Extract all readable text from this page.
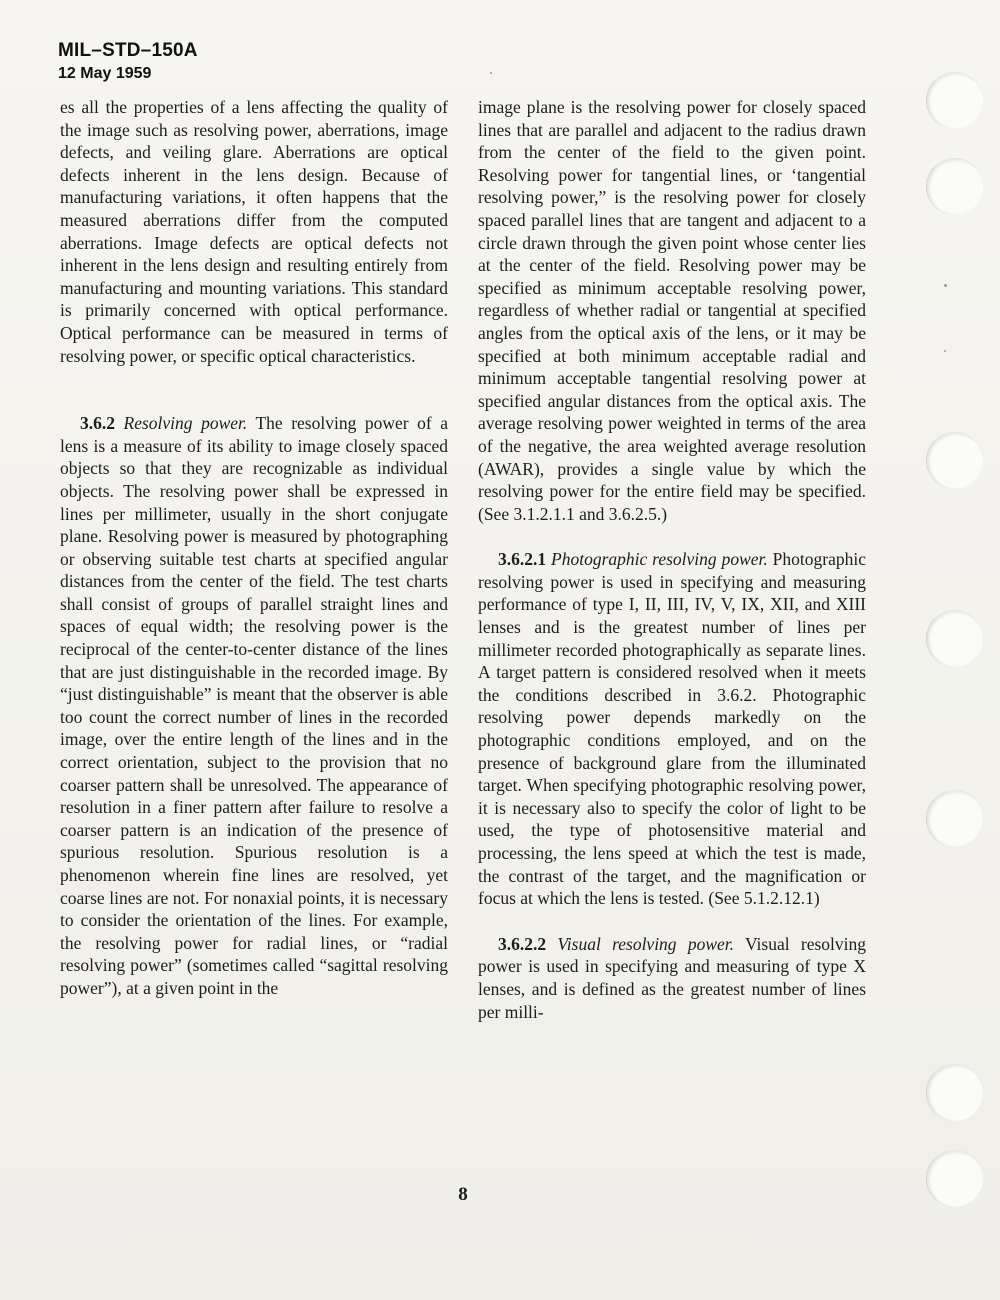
MIL–STD–150A
12 May 1959

es all the properties of a lens affecting the quality of the image such as resolving power, aberrations, image defects, and veiling glare. Aberrations are optical defects inherent in the lens design. Because of manufacturing variations, it often happens that the measured aberrations differ from the computed aberrations. Image defects are optical defects not inherent in the lens design and resulting entirely from manufacturing and mounting variations. This standard is primarily concerned with optical performance. Optical performance can be measured in terms of resolving power, or specific optical characteristics.

3.6.2 Resolving power. The resolving power of a lens is a measure of its ability to image closely spaced objects so that they are recognizable as individual objects. The resolving power shall be expressed in lines per millimeter, usually in the short conjugate plane. Resolving power is measured by photographing or observing suitable test charts at specified angular distances from the center of the field. The test charts shall consist of groups of parallel straight lines and spaces of equal width; the resolving power is the reciprocal of the center-to-center distance of the lines that are just distinguishable in the recorded image. By “just distinguishable” is meant that the observer is able too count the correct number of lines in the recorded image, over the entire length of the lines and in the correct orientation, subject to the provision that no coarser pattern shall be unresolved. The appearance of resolution in a finer pattern after failure to resolve a coarser pattern is an indication of the presence of spurious resolution. Spurious resolution is a phenomenon wherein fine lines are resolved, yet coarse lines are not. For nonaxial points, it is necessary to consider the orientation of the lines. For example, the resolving power for radial lines, or “radial resolving power” (sometimes called “sagittal resolving power”), at a given point in the

image plane is the resolving power for closely spaced lines that are parallel and adjacent to the radius drawn from the center of the field to the given point. Resolving power for tangential lines, or ‘tangential resolving power,” is the resolving power for closely spaced parallel lines that are tangent and adjacent to a circle drawn through the given point whose center lies at the center of the field. Resolving power may be specified as minimum acceptable resolving power, regardless of whether radial or tangential at specified angles from the optical axis of the lens, or it may be specified at both minimum acceptable radial and minimum acceptable tangential resolving power at specified angular distances from the optical axis. The average resolving power weighted in terms of the area of the negative, the area weighted average resolution (AWAR), provides a single value by which the resolving power for the entire field may be specified. (See 3.1.2.1.1 and 3.6.2.5.)

3.6.2.1 Photographic resolving power. Photographic resolving power is used in specifying and measuring performance of type I, II, III, IV, V, IX, XII, and XIII lenses and is the greatest number of lines per millimeter recorded photographically as separate lines. A target pattern is considered resolved when it meets the conditions described in 3.6.2. Photographic resolving power depends markedly on the photographic conditions employed, and on the presence of background glare from the illuminated target. When specifying photographic resolving power, it is necessary also to specify the color of light to be used, the type of photosensitive material and processing, the lens speed at which the test is made, the contrast of the target, and the magnification or focus at which the lens is tested. (See 5.1.2.12.1)

3.6.2.2 Visual resolving power. Visual resolving power is used in specifying and measuring of type X lenses, and is defined as the greatest number of lines per milli-

8
